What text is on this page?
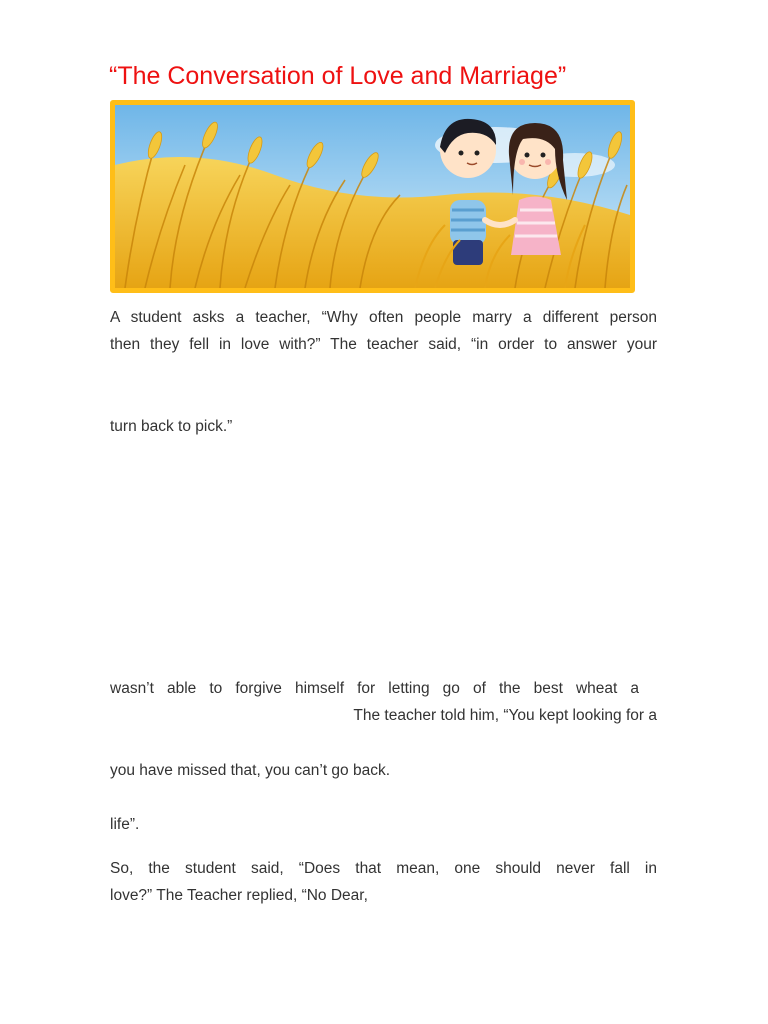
“The Conversation of Love and Marriage”
A student asks a teacher, “Why often people marry a different person
then they fell in love with?” The teacher said, “in order to answer your
turn back to pick.”
wasn’t able to forgive himself for letting go of the best wheat a
The teacher told him, “You kept looking for a
you have missed that, you can’t go back.
life”.
So, the student said, “Does that mean, one should never fall in
love?” The Teacher replied, “No Dear,
